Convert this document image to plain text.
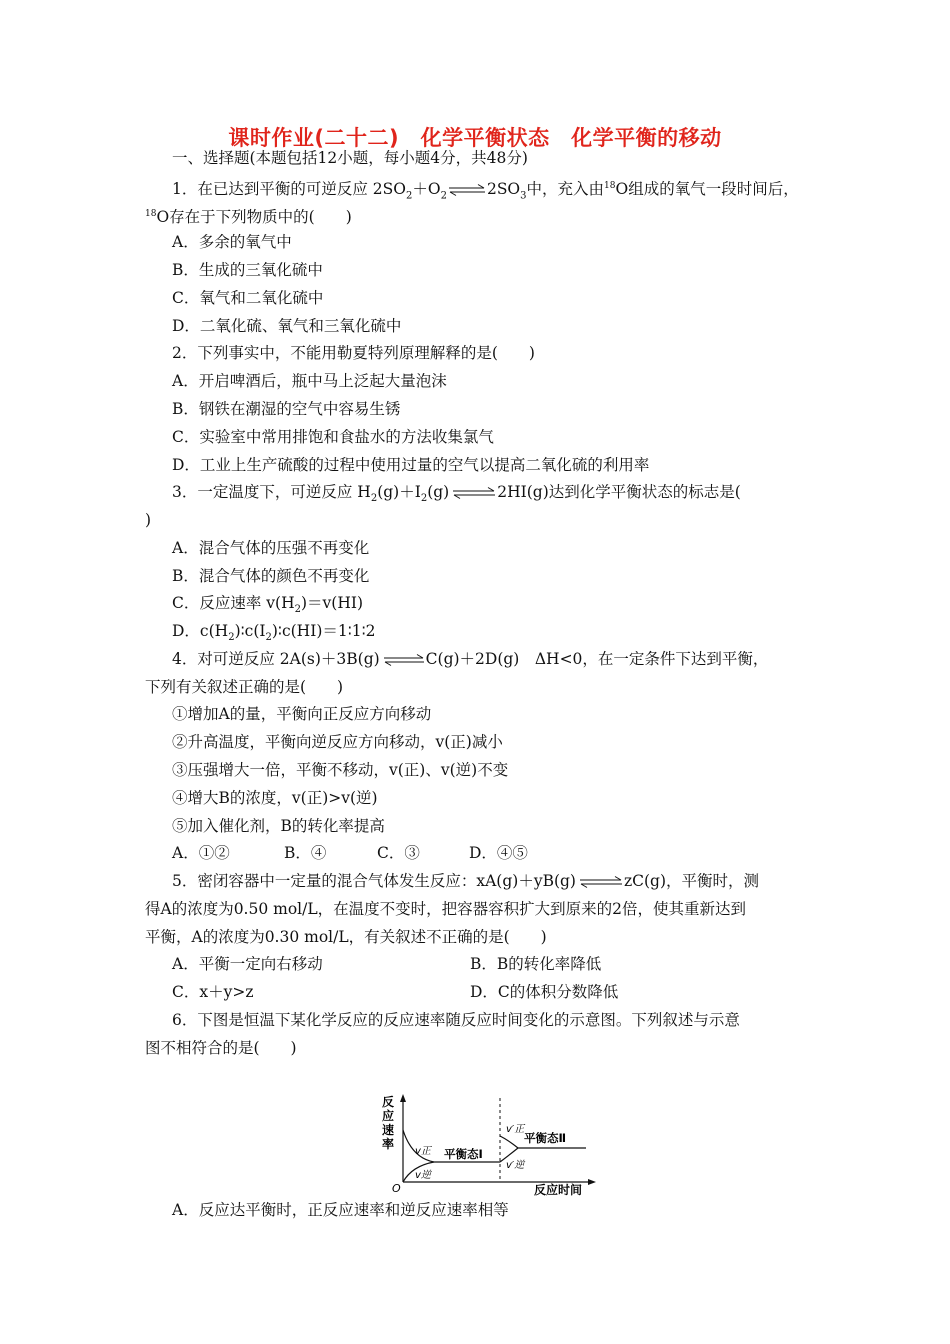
课时作业(二十二)　化学平衡状态　化学平衡的移动
一、选择题(本题包括12小题，每小题4分，共48分)
1．在已达到平衡的可逆反应 $2SO_2+O_2\rightleftharpoons 2SO_3$中，充入由$^{18}$O组成的氧气一段时间后，
$^{18}$O存在于下列物质中的(　　)
A．多余的氧气中
B．生成的三氧化硫中
C．氧气和二氧化硫中
D．二氧化硫、氧气和三氧化硫中
2．下列事实中，不能用勒夏特列原理解释的是(　　)
A．开启啤酒后，瓶中马上泛起大量泡沫
B．钢铁在潮湿的空气中容易生锈
C．实验室中常用排饱和食盐水的方法收集氯气
D．工业上生产硫酸的过程中使用过量的空气以提高二氧化硫的利用率
3．一定温度下，可逆反应 $H_2(g)+I_2(g)\rightleftharpoons 2HI(g)$达到化学平衡状态的标志是(
)
A．混合气体的压强不再变化
B．混合气体的颜色不再变化
C．反应速率 $v(H_2)=v(HI)$
D．$c(H_2)∶c(I_2)∶c(HI)=1∶1∶2$
4．对可逆反应 2A(s)＋3B(g)⇌C(g)＋2D(g)　ΔH<0，在一定条件下达到平衡，
下列有关叙述正确的是(　　)
①增加A的量，平衡向正反应方向移动
②升高温度，平衡向逆反应方向移动，v(正)减小
③压强增大一倍，平衡不移动，v(正)、v(逆)不变
④增大B的浓度，v(正)>v(逆)
⑤加入催化剂，B的转化率提高
A．①②	B．④	C．③	D．④⑤
5．密闭容器中一定量的混合气体发生反应：xA(g)＋yB(g)⇌zC(g)，平衡时，测
得A的浓度为0.50 mol/L，在温度不变时，把容器容积扩大到原来的2倍，使其重新达到
平衡，A的浓度为0.30 mol/L，有关叙述不正确的是(　　)
A．平衡一定向右移动	B．B的转化率降低
C．x＋y>z	D．C的体积分数降低
6．下图是恒温下某化学反应的反应速率随反应时间变化的示意图。下列叙述与示意
图不相符合的是(　　)
反
应
速
率
O	反应时间
v正
v逆
平衡态Ⅰ
v′正
v′逆
平衡态Ⅱ
A．反应达平衡时，正反应速率和逆反应速率相等
